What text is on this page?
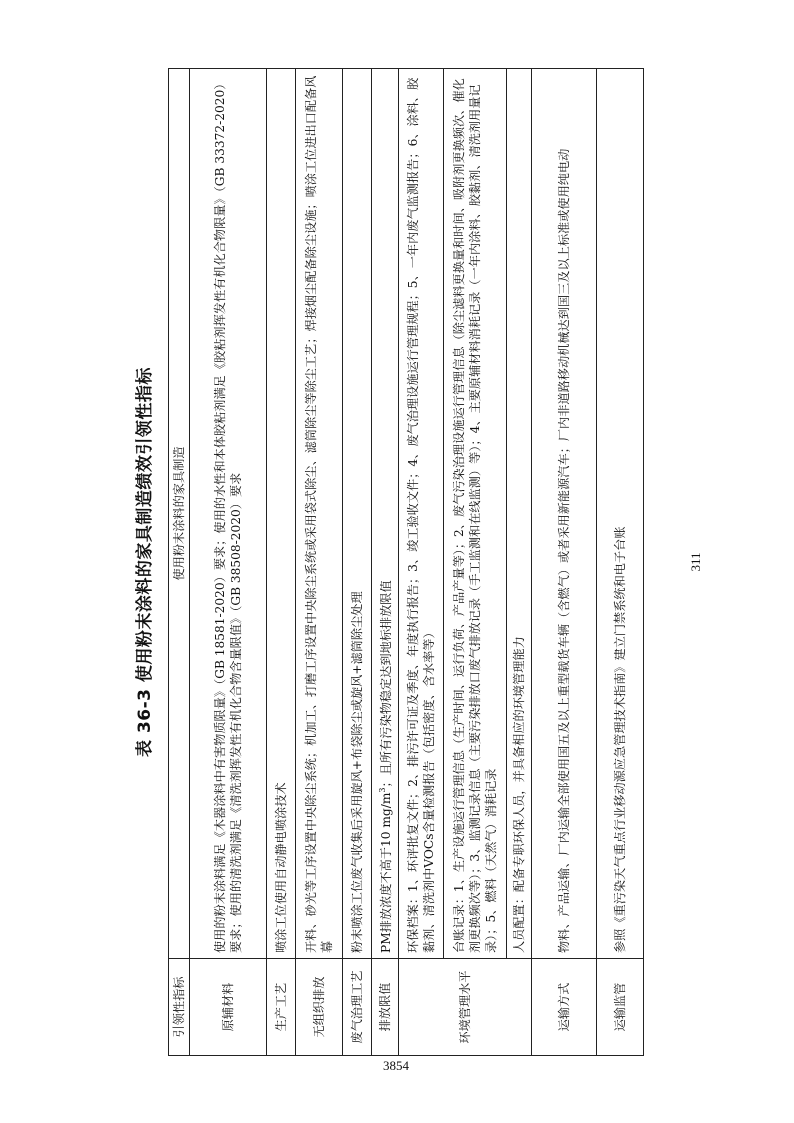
表 36-3 使用粉末涂料的家具制造绩效引领性指标
引领性指标	使用粉末涂料的家具制造
原辅材料	使用的粉末涂料满足《木器涂料中有害物质限量》（GB 18581-2020）要求；使用的水性和本体胶粘剂满足《胶粘剂挥发性有机化合物限量》（GB 33372-2020）要求；使用的清洗剂满足《清洗剂挥发性有机化合物含量限值》（GB 38508-2020）要求
生产工艺	喷涂工位使用自动静电喷涂技术
无组织排放	开料、砂光等工序设置中央除尘系统；机加工、打磨工序设置中央除尘系统或采用袋式除尘、滤筒除尘等除尘工艺；焊接烟尘配备除尘设施；喷涂工位进出口配备风幕
废气治理工艺	粉末喷涂工位废气收集后采用旋风+布袋除尘或旋风+滤筒除尘处理
排放限值	PM排放浓度不高于10 $mg/m^3$；且所有污染物稳定达到地标排放限值
环境管理水平	环保档案：1、环评批复文件；2、排污许可证及季度、年度执行报告；3、竣工验收文件；4、废气治理设施运行管理规程；5、一年内废气监测报告；6、涂料、胶黏剂、清洗剂中VOCs含量检测报告（包括密度、含水率等）
	台账记录：1、生产设施运行管理信息（生产时间、运行负荷、产品产量等）；2、废气污染治理设施运行管理信息（除尘滤料更换量和时间、吸附剂更换频次、催化剂更换频次等）；3、监测记录信息（主要污染排放口废气排放记录（手工监测和在线监测）等）；4、主要原辅材料消耗记录（一年内涂料、胶黏剂、清洗剂用量记录）；5、燃料（天然气）消耗记录
	人员配置：配备专职环保人员，并具备相应的环境管理能力
运输方式	物料、产品运输、厂内运输全部使用国五及以上重型载货车辆（含燃气）或者采用新能源汽车；厂内非道路移动机械达到国三及以上标准或使用纯电动
运输监管	参照《重污染天气重点行业移动源应急管理技术指南》建立门禁系统和电子台账
3854
311
